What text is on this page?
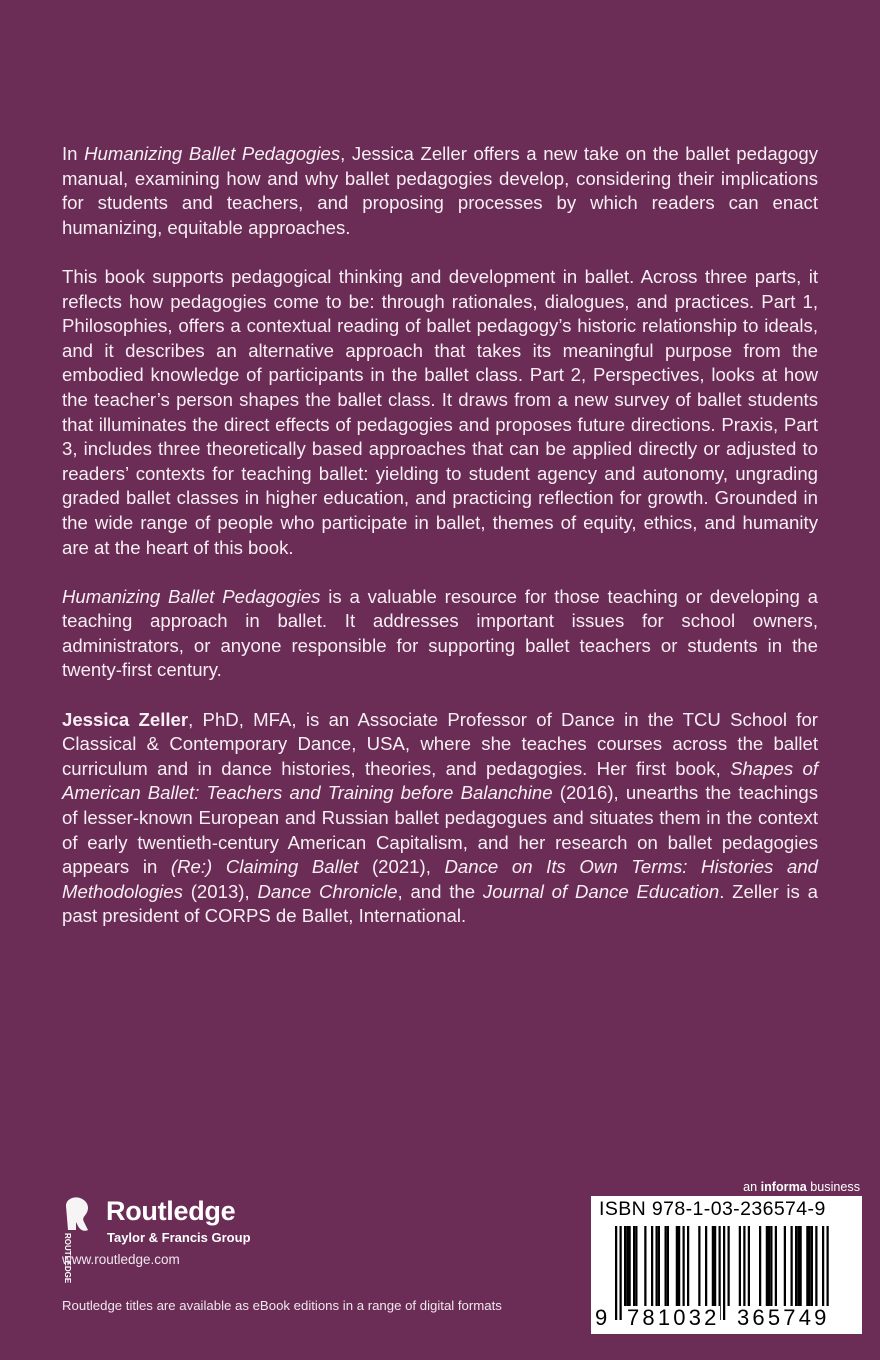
In Humanizing Ballet Pedagogies, Jessica Zeller offers a new take on the ballet pedagogy manual, examining how and why ballet pedagogies develop, considering their implications for students and teachers, and proposing processes by which readers can enact humanizing, equitable approaches.

This book supports pedagogical thinking and development in ballet. Across three parts, it reflects how pedagogies come to be: through rationales, dialogues, and practices. Part 1, Philosophies, offers a contextual reading of ballet pedagogy’s historic relationship to ideals, and it describes an alternative approach that takes its meaningful purpose from the embodied knowledge of participants in the ballet class. Part 2, Perspectives, looks at how the teacher’s person shapes the ballet class. It draws from a new survey of ballet students that illuminates the direct effects of pedagogies and proposes future directions. Praxis, Part 3, includes three theoretically based approaches that can be applied directly or adjusted to readers’ contexts for teaching ballet: yielding to student agency and autonomy, ungrading graded ballet classes in higher education, and practicing reflection for growth. Grounded in the wide range of people who participate in ballet, themes of equity, ethics, and humanity are at the heart of this book.

Humanizing Ballet Pedagogies is a valuable resource for those teaching or developing a teaching approach in ballet. It addresses important issues for school owners, administrators, or anyone responsible for supporting ballet teachers or students in the twenty-first century.

Jessica Zeller, PhD, MFA, is an Associate Professor of Dance in the TCU School for Classical & Contemporary Dance, USA, where she teaches courses across the ballet curriculum and in dance histories, theories, and pedagogies. Her first book, Shapes of American Ballet: Teachers and Training before Balanchine (2016), unearths the teachings of lesser-known European and Russian ballet pedagogues and situates them in the context of early twentieth-century American Capitalism, and her research on ballet pedagogies appears in (Re:) Claiming Ballet (2021), Dance on Its Own Terms: Histories and Methodologies (2013), Dance Chronicle, and the Journal of Dance Education. Zeller is a past president of CORPS de Ballet, International.

ROUTLEDGE
Routledge
Taylor & Francis Group
www.routledge.com
Routledge titles are available as eBook editions in a range of digital formats
an informa business
ISBN 978-1-03-236574-9
9 781032 365749
